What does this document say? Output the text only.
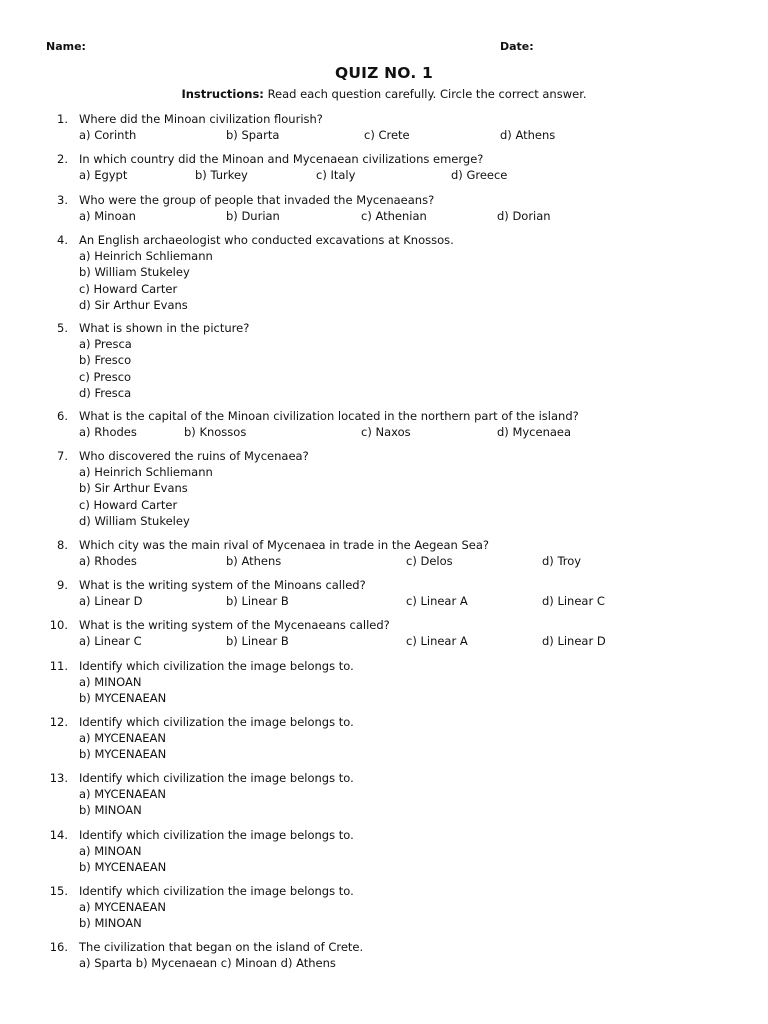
Name:	Date:
QUIZ NO. 1
Instructions: Read each question carefully. Circle the correct answer.
1. Where did the Minoan civilization flourish?
a) Corinth	b) Sparta	c) Crete	d) Athens
2. In which country did the Minoan and Mycenaean civilizations emerge?
a) Egypt	b) Turkey	c) Italy	d) Greece
3. Who were the group of people that invaded the Mycenaeans?
a) Minoan	b) Durian	c) Athenian	d) Dorian
4. An English archaeologist who conducted excavations at Knossos.
a) Heinrich Schliemann
b) William Stukeley
c) Howard Carter
d) Sir Arthur Evans
5. What is shown in the picture?
a) Presca
b) Fresco
c) Presco
d) Fresca
6. What is the capital of the Minoan civilization located in the northern part of the island?
a) Rhodes	b) Knossos	c) Naxos	d) Mycenaea
7. Who discovered the ruins of Mycenaea?
a) Heinrich Schliemann
b) Sir Arthur Evans
c) Howard Carter
d) William Stukeley
8. Which city was the main rival of Mycenaea in trade in the Aegean Sea?
a) Rhodes	b) Athens	c) Delos	d) Troy
9. What is the writing system of the Minoans called?
a) Linear D	b) Linear B	c) Linear A	d) Linear C
10. What is the writing system of the Mycenaeans called?
a) Linear C	b) Linear B	c) Linear A	d) Linear D
11. Identify which civilization the image belongs to.
a) MINOAN
b) MYCENAEAN
12. Identify which civilization the image belongs to.
a) MYCENAEAN
b) MYCENAEAN
13. Identify which civilization the image belongs to.
a) MYCENAEAN
b) MINOAN
14. Identify which civilization the image belongs to.
a) MINOAN
b) MYCENAEAN
15. Identify which civilization the image belongs to.
a) MYCENAEAN
b) MINOAN
16. The civilization that began on the island of Crete.
a) Sparta b) Mycenaean c) Minoan d) Athens
